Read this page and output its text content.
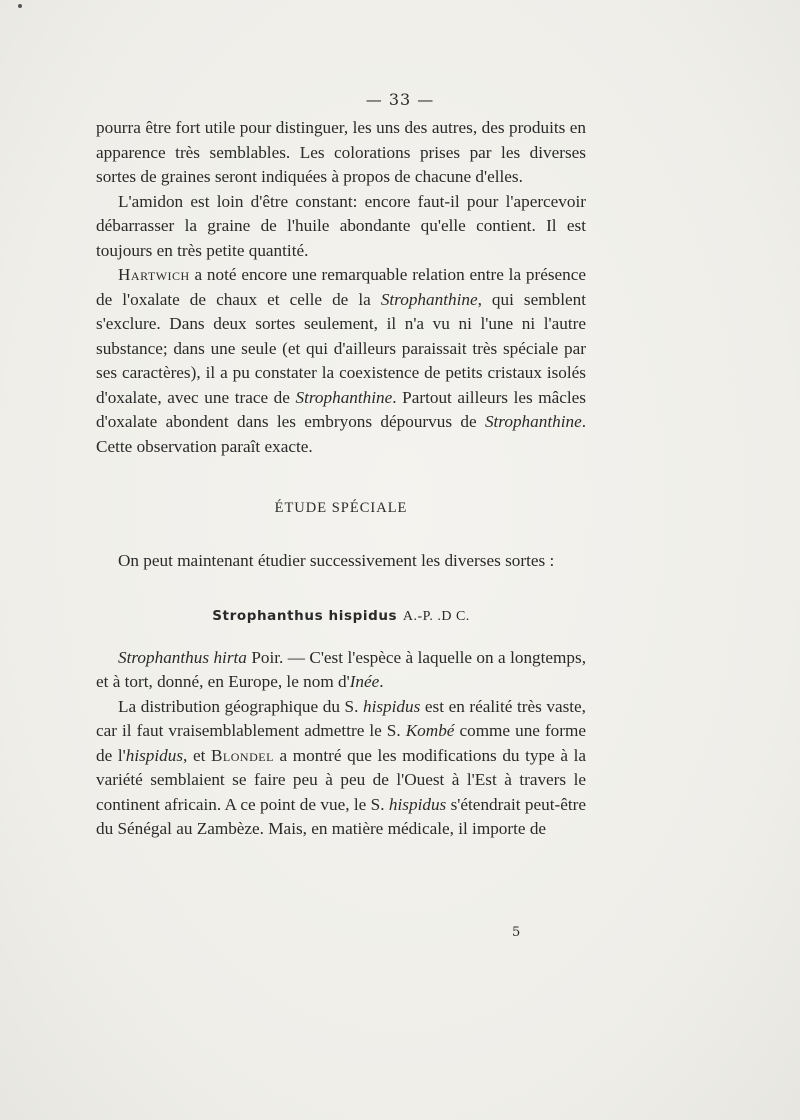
— 33 —

pourra être fort utile pour distinguer, les uns des autres, des produits en apparence très semblables. Les colorations prises par les diverses sortes de graines seront indiquées à propos de chacune d'elles.

L'amidon est loin d'être constant: encore faut-il pour l'apercevoir débarrasser la graine de l'huile abondante qu'elle contient. Il est toujours en très petite quantité.

Hartwich a noté encore une remarquable relation entre la présence de l'oxalate de chaux et celle de la Strophanthine, qui semblent s'exclure. Dans deux sortes seulement, il n'a vu ni l'une ni l'autre substance; dans une seule (et qui d'ailleurs paraissait très spéciale par ses caractères), il a pu constater la coexistence de petits cristaux isolés d'oxalate, avec une trace de Strophanthine. Partout ailleurs les mâcles d'oxalate abondent dans les embryons dépourvus de Strophanthine. Cette observation paraît exacte.

ÉTUDE SPÉCIALE

On peut maintenant étudier successivement les diverses sortes :

Strophanthus hispidus A.-P. .D C.

Strophanthus hirta Poir. — C'est l'espèce à laquelle on a longtemps, et à tort, donné, en Europe, le nom d'Inée.

La distribution géographique du S. hispidus est en réalité très vaste, car il faut vraisemblablement admettre le S. Kombé comme une forme de l'hispidus, et Blondel a montré que les modifications du type à la variété semblaient se faire peu à peu de l'Ouest à l'Est à travers le continent africain. A ce point de vue, le S. hispidus s'étendrait peut-être du Sénégal au Zambèze. Mais, en matière médicale, il importe de

5
